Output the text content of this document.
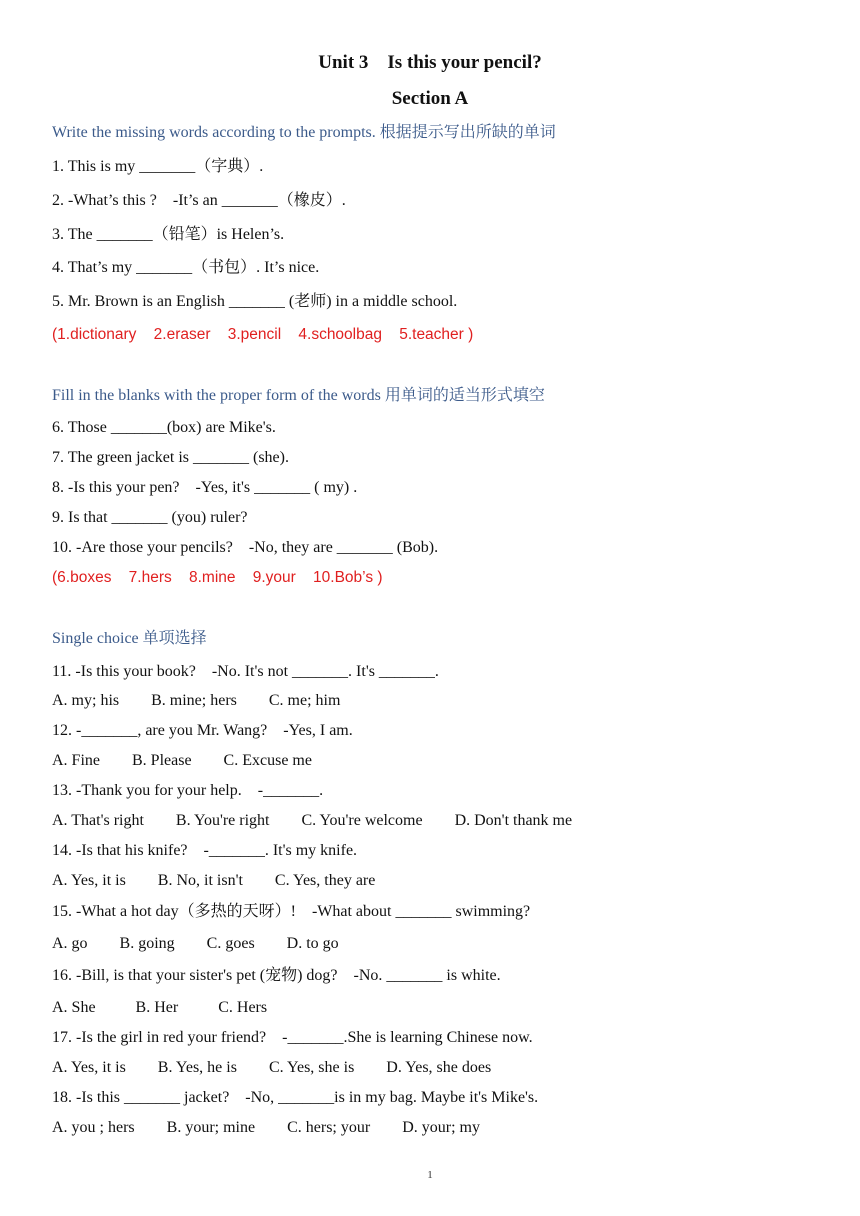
Unit 3    Is this your pencil?
Section A
Write the missing words according to the prompts. 根据提示写出所缺的单词
1. This is my _______（字典）.
2. -What’s this ?    -It’s an _______（橡皮）.
3. The _______（铅笔）is Helen’s.
4. That’s my _______（书包）. It’s nice.
5. Mr. Brown is an English _______ (老师) in a middle school.
(1.dictionary    2.eraser    3.pencil    4.schoolbag    5.teacher )
Fill in the blanks with the proper form of the words 用单词的适当形式填空
6. Those _______(box) are Mike's.
7. The green jacket is _______ (she).
8. -Is this your pen?    -Yes, it's _______ ( my) .
9. Is that _______ (you) ruler?
10. -Are those your pencils?    -No, they are _______ (Bob).
(6.boxes    7.hers    8.mine    9.your    10.Bob’s )
Single choice 单项选择
11. -Is this your book?    -No. It's not _______. It's _______.
A. my; his        B. mine; hers        C. me; him
12. -_______, are you Mr. Wang?    -Yes, I am.
A. Fine        B. Please        C. Excuse me
13. -Thank you for your help.    -_______.
A. That's right        B. You're right        C. You're welcome        D. Don't thank me
14. -Is that his knife?    -_______. It's my knife.
A. Yes, it is        B. No, it isn't        C. Yes, they are
15. -What a hot day（多热的天呀）!    -What about _______ swimming?
A. go        B. going        C. goes        D. to go
16. -Bill, is that your sister's pet (宠物) dog?    -No. _______ is white.
A. She          B. Her          C. Hers
17. -Is the girl in red your friend?    -_______.She is learning Chinese now.
A. Yes, it is        B. Yes, he is        C. Yes, she is        D. Yes, she does
18. -Is this _______ jacket?    -No, _______is in my bag. Maybe it's Mike's.
A. you ; hers        B. your; mine        C. hers; your        D. your; my
1
